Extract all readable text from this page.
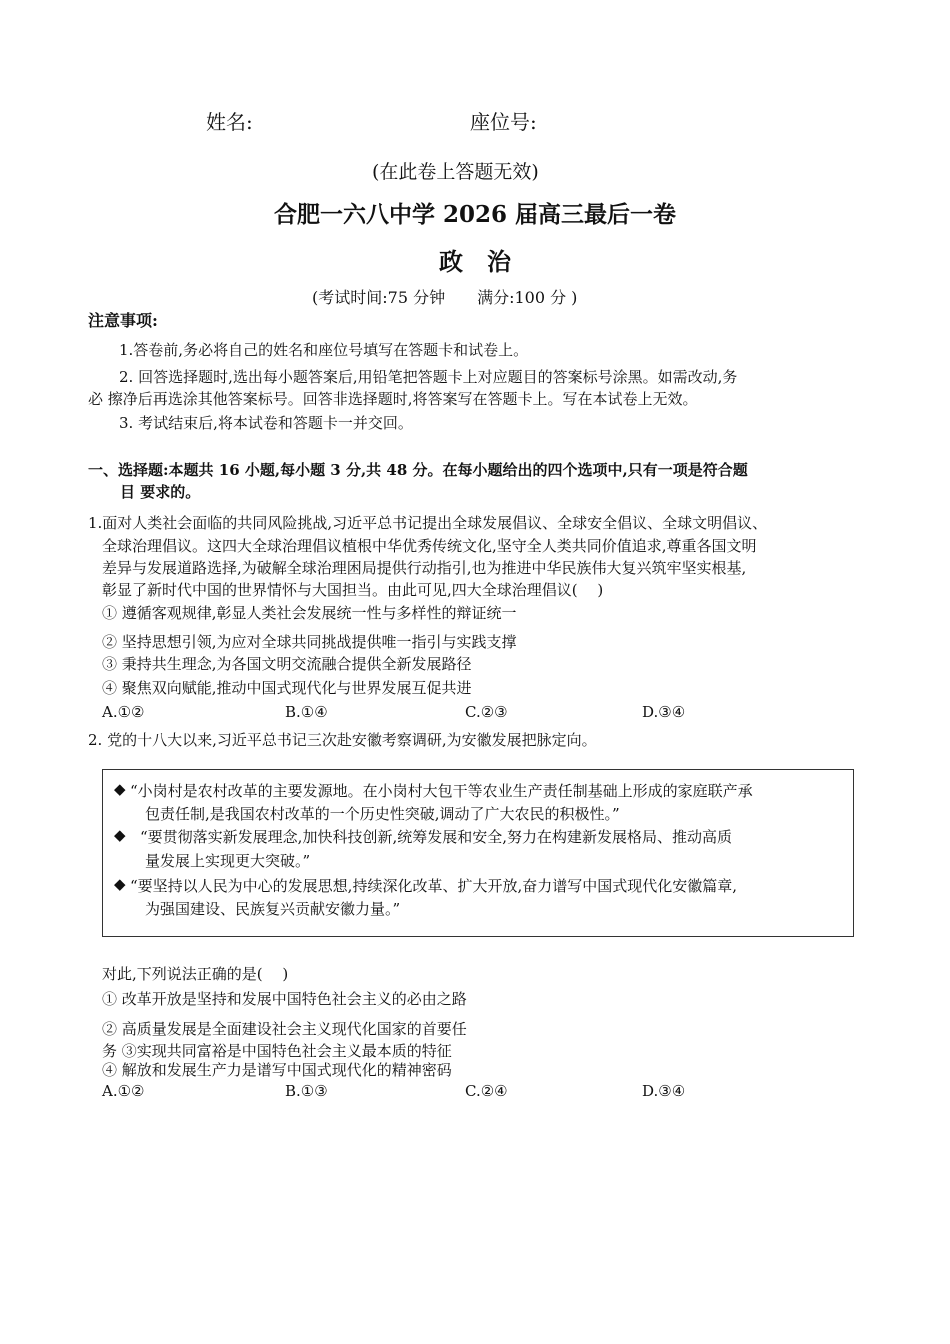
姓名:	座位号:
(在此卷上答题无效)
合肥一六八中学 2026 届高三最后一卷
政　治
(考试时间:75 分钟　　满分:100 分 )
注意事项:
1.答卷前,务必将自己的姓名和座位号填写在答题卡和试卷上。
2. 回答选择题时,选出每小题答案后,用铅笔把答题卡上对应题目的答案标号涂黑。如需改动,务
必 擦净后再选涂其他答案标号。回答非选择题时,将答案写在答题卡上。写在本试卷上无效。
3. 考试结束后,将本试卷和答题卡一并交回。
一、选择题:本题共 16 小题,每小题 3 分,共 48 分。在每小题给出的四个选项中,只有一项是符合题
目 要求的。
1.面对人类社会面临的共同风险挑战,习近平总书记提出全球发展倡议、全球安全倡议、全球文明倡议、
全球治理倡议。这四大全球治理倡议植根中华优秀传统文化,坚守全人类共同价值追求,尊重各国文明
差异与发展道路选择,为破解全球治理困局提供行动指引,也为推进中华民族伟大复兴筑牢坚实根基,
彰显了新时代中国的世界情怀与大国担当。由此可见,四大全球治理倡议(　 )
① 遵循客观规律,彰显人类社会发展统一性与多样性的辩证统一
② 坚持思想引领,为应对全球共同挑战提供唯一指引与实践支撑
③ 秉持共生理念,为各国文明交流融合提供全新发展路径
④ 聚焦双向赋能,推动中国式现代化与世界发展互促共进
A.①②	B.①④	C.②③	D.③④
2. 党的十八大以来,习近平总书记三次赴安徽考察调研,为安徽发展把脉定向。
◆ “小岗村是农村改革的主要发源地。在小岗村大包干等农业生产责任制基础上形成的家庭联产承
包责任制,是我国农村改革的一个历史性突破,调动了广大农民的积极性。”
◆ “要贯彻落实新发展理念,加快科技创新,统筹发展和安全,努力在构建新发展格局、推动高质
量发展上实现更大突破。”
◆ “要坚持以人民为中心的发展思想,持续深化改革、扩大开放,奋力谱写中国式现代化安徽篇章,
为强国建设、民族复兴贡献安徽力量。”
对此,下列说法正确的是(　 )
① 改革开放是坚持和发展中国特色社会主义的必由之路
② 高质量发展是全面建设社会主义现代化国家的首要任
务 ③实现共同富裕是中国特色社会主义最本质的特征
④ 解放和发展生产力是谱写中国式现代化的精神密码
A.①②	B.①③	C.②④	D.③④
